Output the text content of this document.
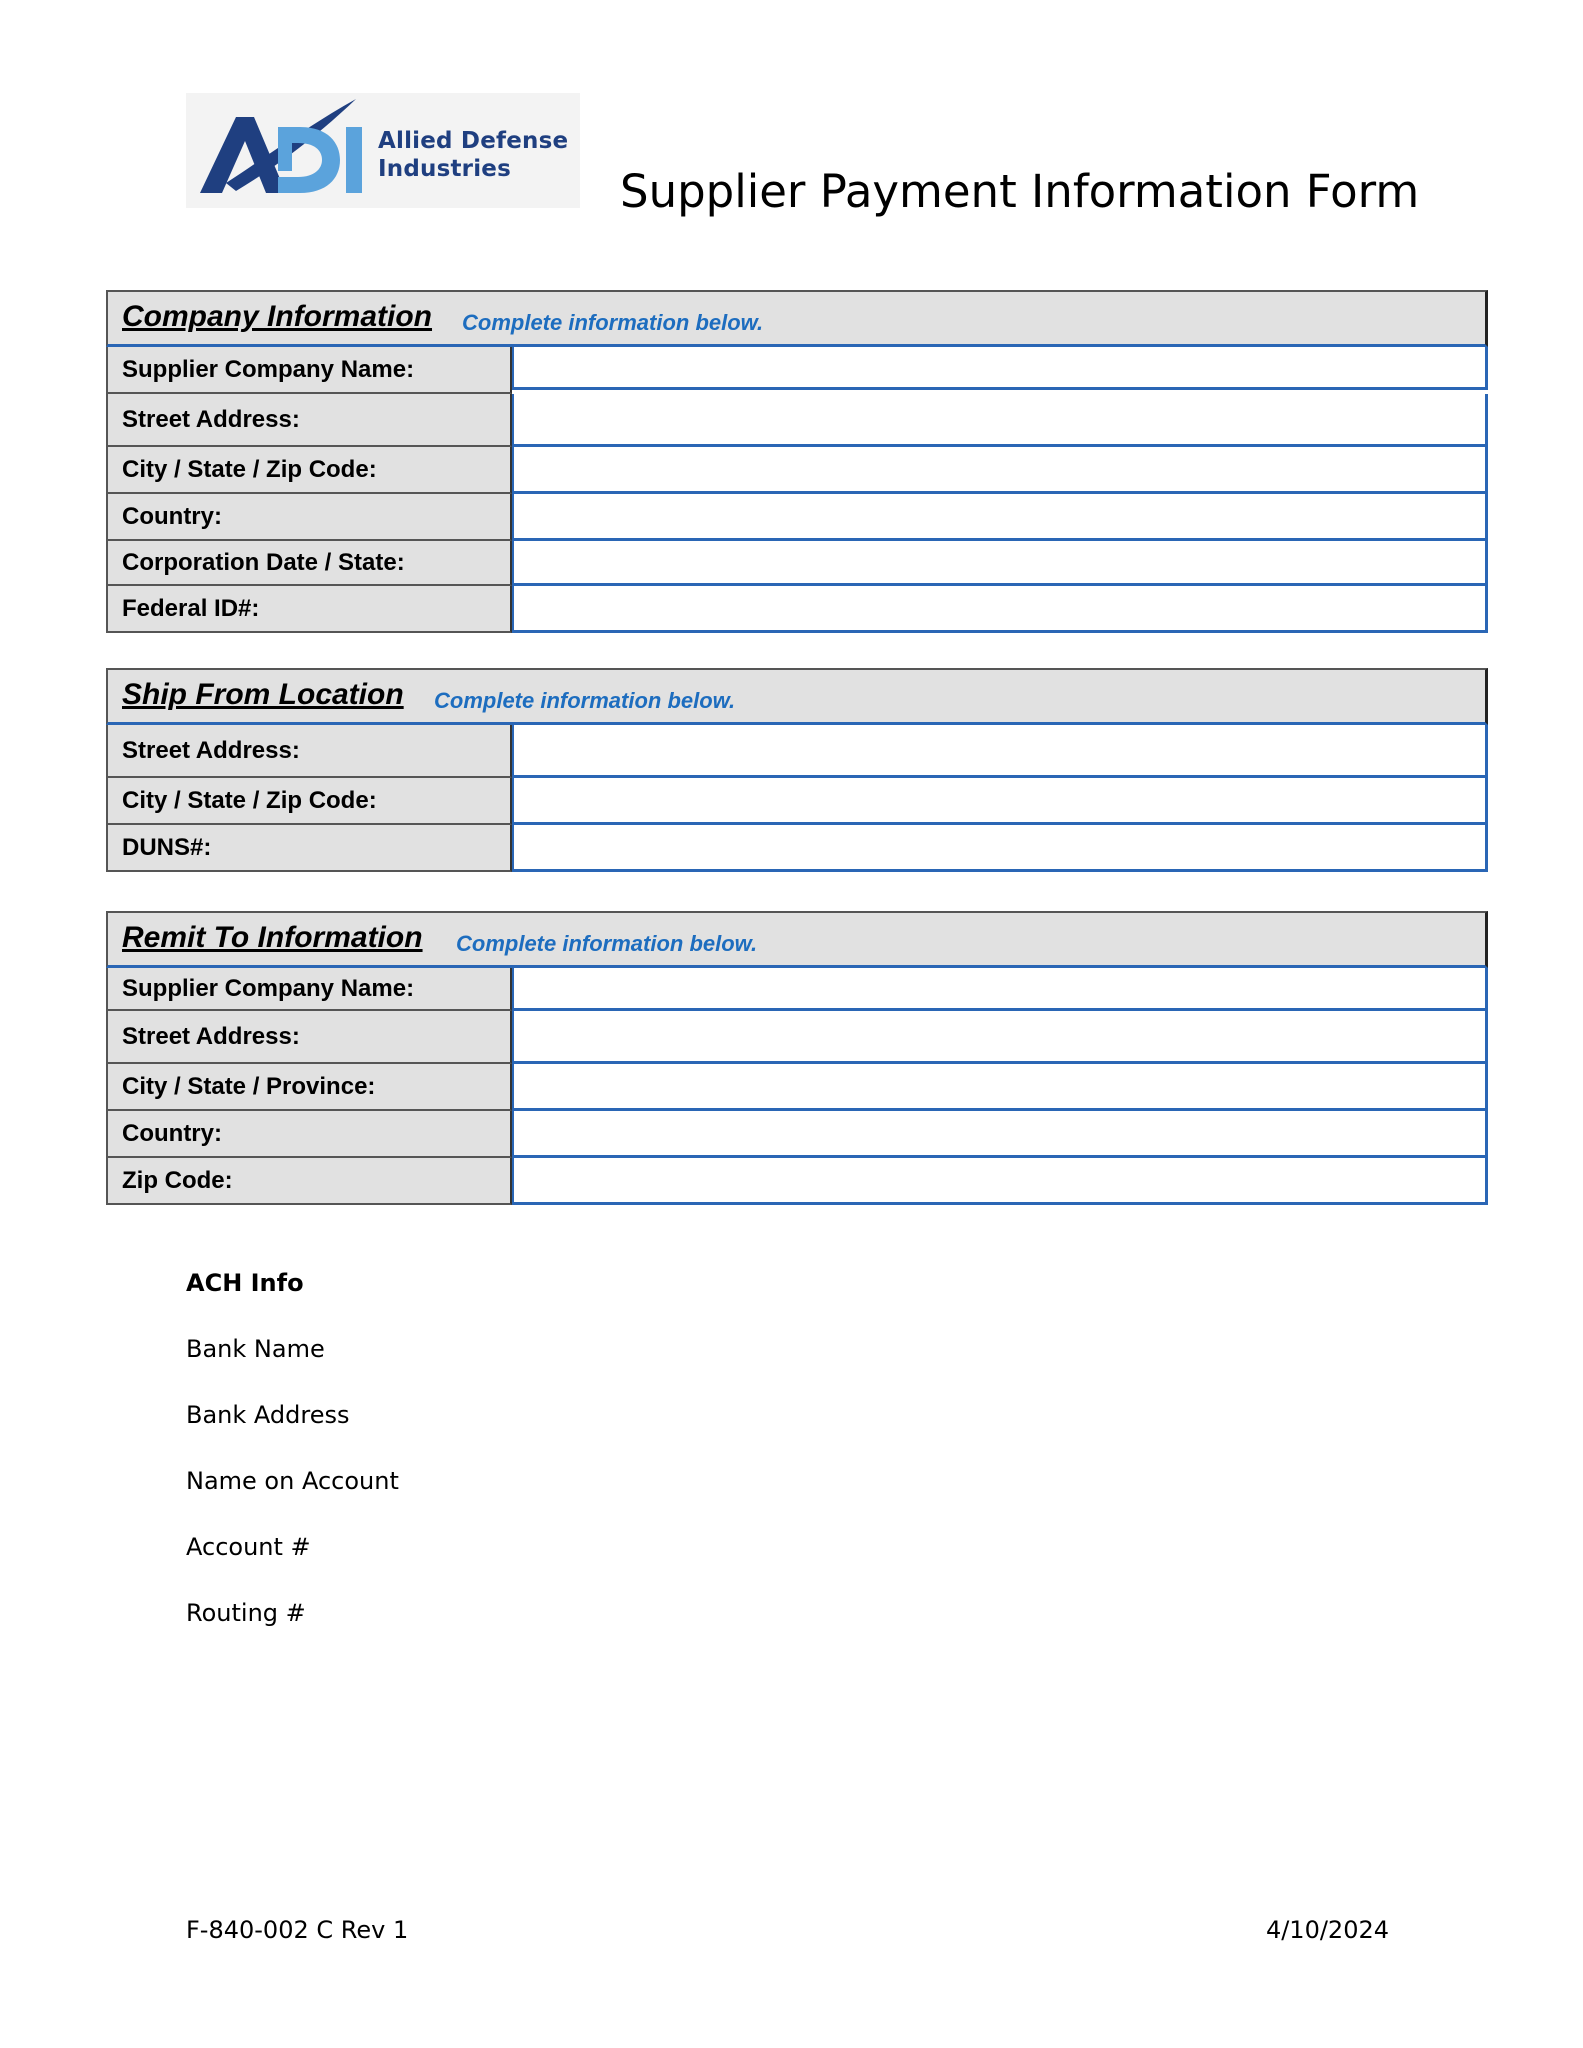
Allied Defense
Industries	Supplier Payment Information Form
Company Information Complete information below.
Supplier Company Name:
Street Address:
City / State / Zip Code:
Country:
Corporation Date / State:
Federal ID#:
Ship From Location Complete information below.
Street Address:
City / State / Zip Code:
DUNS#:
Remit To Information Complete information below.
Supplier Company Name:
Street Address:
City / State / Province:
Country:
Zip Code:
ACH Info
Bank Name
Bank Address
Name on Account
Account #
Routing #
F-840-002 C Rev 1	4/10/2024
